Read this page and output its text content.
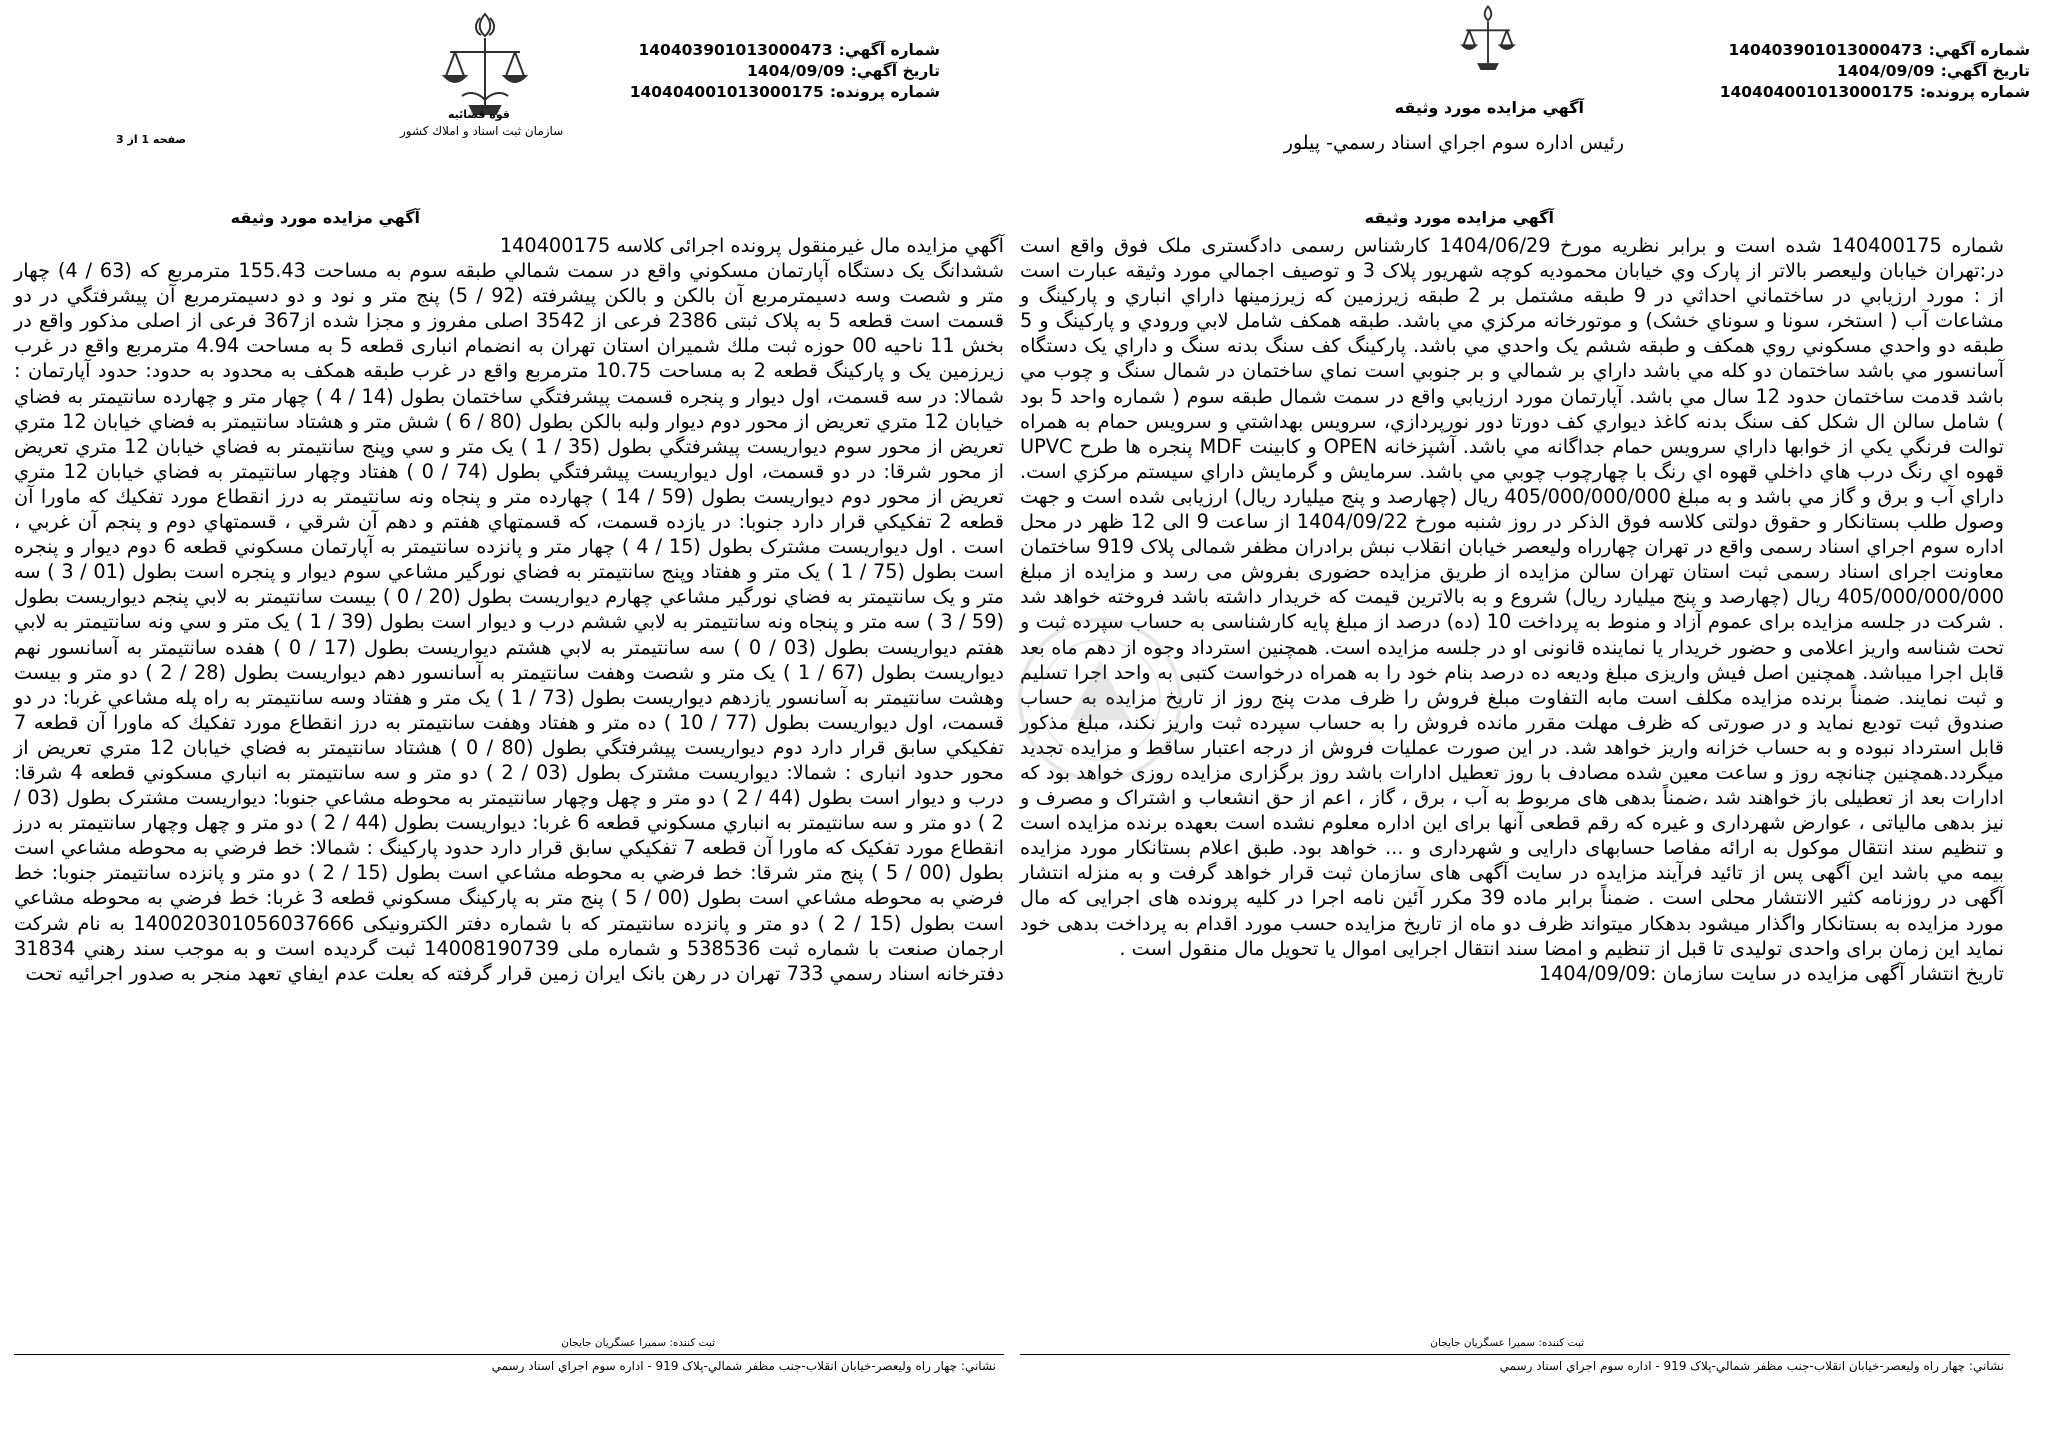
شماره آگهي:140403901013000473
تاريخ آگهي:1404/09/09
شماره پرونده:140404001013000175
قوه قضائيه
سازمان ثبت اسناد و املاك كشور
صفحه 1 از 3
آگهي مزايده مورد وثيقه
آگهي مزايده مال غيرمنقول پرونده اجرائی كلاسه 140400175
ششدانگ يک دستگاه آپارتمان مسكوني واقع در سمت شمالي طبقه سوم به مساحت 155.43 مترمربع كه (63 / 4) چهار متر و شصت وسه دسيمترمربع آن بالكن و بالكن پيشرفته (92 / 5) پنج متر و نود و دو دسيمترمربع آن پيشرفتگي در دو قسمت است قطعه 5 به پلاک ثبتی 2386 فرعی از 3542 اصلی مفروز و مجزا شده از367 فرعی از اصلی مذکور واقع در بخش 11 ناحيه 00 حوزه ثبت ملك شميران استان تهران به انضمام انباری قطعه 5 به مساحت 4.94 مترمربع واقع در غرب زيرزمين يک و پاركينگ قطعه 2 به مساحت 10.75 مترمربع واقع در غرب طبقه همكف به محدود به حدود: حدود آپارتمان : شمالا: در سه قسمت، اول ديوار و پنجره قسمت پيشرفتگي ساختمان بطول (14 / 4 ) چهار متر و چهارده سانتيمتر به فضاي خيابان 12 متري تعريض از محور دوم ديوار ولبه بالكن بطول (80 / 6 ) شش متر و هشتاد سانتيمتر به فضاي خيابان 12 متري تعريض از محور سوم ديواريست پيشرفتگي بطول (35 / 1 ) يک متر و سي وپنج سانتيمتر به فضاي خيابان 12 متري تعريض از محور شرقا: در دو قسمت، اول ديواريست پيشرفتگي بطول (74 / 0 ) هفتاد وچهار سانتيمتر به فضاي خيابان 12 متري تعريض از محور دوم ديواريست بطول (59 / 14 ) چهارده متر و پنجاه ونه سانتيمتر به درز انقطاع مورد تفكيك كه ماورا آن قطعه 2 تفكيكي قرار دارد جنوبا: در يازده قسمت، كه قسمتهاي هفتم و دهم آن شرقي ، قسمتهاي دوم و پنجم آن غربي ، است . اول ديواريست مشترک بطول (15 / 4 ) چهار متر و پانزده سانتيمتر به آپارتمان مسكوني قطعه 6 دوم ديوار و پنجره است بطول (75 / 1 ) يک متر و هفتاد وپنج سانتيمتر به فضاي نورگير مشاعي سوم ديوار و پنجره است بطول (01 / 3 ) سه متر و يک سانتيمتر به فضاي نورگير مشاعي چهارم ديواريست بطول (20 / 0 ) بيست سانتيمتر به لابي پنجم ديواريست بطول (59 / 3 ) سه متر و پنجاه ونه سانتيمتر به لابي ششم درب و ديوار است بطول (39 / 1 ) يک متر و سي ونه سانتيمتر به لابي هفتم ديواريست بطول (03 / 0 ) سه سانتيمتر به لابي هشتم ديواريست بطول (17 / 0 ) هفده سانتيمتر به آسانسور نهم ديواريست بطول (67 / 1 ) يک متر و شصت وهفت سانتيمتر به آسانسور دهم ديواريست بطول (28 / 2 ) دو متر و بيست وهشت سانتيمتر به آسانسور يازدهم ديواريست بطول (73 / 1 ) يک متر و هفتاد وسه سانتيمتر به راه پله مشاعي غربا: در دو قسمت، اول ديواريست بطول (77 / 10 ) ده متر و هفتاد وهفت سانتيمتر به درز انقطاع مورد تفكيك كه ماورا آن قطعه 7 تفكيكي سابق قرار دارد دوم ديواريست پيشرفتگي بطول (80 / 0 ) هشتاد سانتيمتر به فضاي خيابان 12 متري تعريض از محور حدود انباری : شمالا: ديواريست مشترک بطول (03 / 2 ) دو متر و سه سانتيمتر به انباري مسكوني قطعه 4 شرقا: درب و ديوار است بطول (44 / 2 ) دو متر و چهل وچهار سانتيمتر به محوطه مشاعي جنوبا: ديواريست مشترک بطول (03 / 2 ) دو متر و سه سانتيمتر به انباري مسكوني قطعه 6 غربا: ديواريست بطول (44 / 2 ) دو متر و چهل وچهار سانتيمتر به درز انقطاع مورد تفكيک كه ماورا آن قطعه 7 تفكيكي سابق قرار دارد حدود پاركينگ : شمالا: خط فرضي به محوطه مشاعي است بطول (00 / 5 ) پنج متر شرقا: خط فرضي به محوطه مشاعي است بطول (15 / 2 ) دو متر و پانزده سانتيمتر جنوبا: خط فرضي به محوطه مشاعي است بطول (00 / 5 ) پنج متر به پاركينگ مسكوني قطعه 3 غربا: خط فرضي به محوطه مشاعي است بطول (15 / 2 ) دو متر و پانزده سانتيمتر كه با شماره دفتر الكترونيكی 140020301056037666 به نام شركت ارجمان صنعت با شماره ثبت 538536 و شماره ملی 14008190739 ثبت گرديده است و به موجب سند رهني 31834 دفترخانه اسناد رسمي 733 تهران در رهن بانک ايران زمين قرار گرفته كه بعلت عدم ايفاي تعهد منجر به صدور اجرائيه تحت
ثبت كننده: سميرا عسگريان جايجان
نشاني: چهار راه وليعصر-خيابان انقلاب-جنب مظفر شمالي-پلاک 919 - اداره سوم اجراي اسناد رسمي
شماره آگهي:140403901013000473
تاريخ آگهي:1404/09/09
شماره پرونده:140404001013000175
آگهي مزايده مورد وثيقه
رئيس اداره سوم اجراي اسناد رسمي- پيلور
آگهي مزايده مورد وثيقه
شماره 140400175 شده است و برابر نظريه مورخ 1404/06/29 كارشناس رسمی دادگستری ملک فوق واقع است در:تهران خيابان وليعصر بالاتر از پارک وي خيابان محموديه كوچه شهريور پلاک 3 و توصيف اجمالي مورد وثيقه عبارت است از : مورد ارزيابي در ساختماني احداثي در 9 طبقه مشتمل بر 2 طبقه زيرزمين كه زيرزمينها داراي انباري و پاركينگ و مشاعات آب ( استخر، سونا و سوناي خشک) و موتورخانه مركزي مي باشد. طبقه همكف شامل لابي ورودي و پاركينگ و 5 طبقه دو واحدي مسكوني روي همكف و طبقه ششم يک واحدي مي باشد. پاركينگ كف سنگ بدنه سنگ و داراي يک دستگاه آسانسور مي باشد ساختمان دو كله مي باشد داراي بر شمالي و بر جنوبي است نماي ساختمان در شمال سنگ و چوب مي باشد قدمت ساختمان حدود 12 سال مي باشد. آپارتمان مورد ارزيابي واقع در سمت شمال طبقه سوم ( شماره واحد 5 بود ) شامل سالن ال شكل كف سنگ بدنه كاغذ ديواري كف دورتا دور نورپردازي، سرويس بهداشتي و سرويس حمام به همراه توالت فرنگي يكي از خوابها داراي سرويس حمام جداگانه مي باشد. آشپزخانه OPEN و كابينت MDF پنجره ها طرح UPVC قهوه اي رنگ درب هاي داخلي قهوه اي رنگ با چهارچوب چوبي مي باشد. سرمايش و گرمايش داراي سيستم مركزي است. داراي آب و برق و گاز مي باشد و به مبلغ 405/000/000/000 ريال (چهارصد و پنج ميليارد ريال) ارزيابی شده است و جهت وصول طلب بستانكار و حقوق دولتی كلاسه فوق الذكر در روز شنبه مورخ 1404/09/22 از ساعت 9 الی 12 ظهر در محل اداره سوم اجراي اسناد رسمی واقع در تهران چهارراه وليعصر خيابان انقلاب نبش برادران مظفر شمالی پلاک 919 ساختمان معاونت اجرای اسناد رسمی ثبت استان تهران سالن مزايده از طريق مزايده حضوری بفروش می رسد و مزايده از مبلغ 405/000/000/000 ريال (چهارصد و پنج ميليارد ريال) شروع و به بالاترين قيمت كه خريدار داشته باشد فروخته خواهد شد . شركت در جلسه مزايده برای عموم آزاد و منوط به پرداخت 10 (ده) درصد از مبلغ پايه كارشناسی به حساب سپرده ثبت و تحت شناسه واريز اعلامی و حضور خريدار يا نماينده قانونی او در جلسه مزايده است. همچنين استرداد وجوه از دهم ماه بعد قابل اجرا ميباشد. همچنين اصل فيش واريزی مبلغ وديعه ده درصد بنام خود را به همراه درخواست كتبی به واحد اجرا تسليم و ثبت نمايند. ضمناً برنده مزايده مكلف است مابه التفاوت مبلغ فروش را ظرف مدت پنج روز از تاريخ مزايده به حساب صندوق ثبت توديع نمايد و در صورتی كه ظرف مهلت مقرر مانده فروش را به حساب سپرده ثبت واريز نكند، مبلغ مذكور قابل استرداد نبوده و به حساب خزانه واريز خواهد شد. در اين صورت عمليات فروش از درجه اعتبار ساقط و مزايده تجديد ميگردد.همچنين چنانچه روز و ساعت معين شده مصادف با روز تعطيل ادارات باشد روز برگزاری مزايده روزی خواهد بود كه ادارات بعد از تعطيلی باز خواهند شد ،ضمناً بدهی های مربوط به آب ، برق ، گاز ، اعم از حق انشعاب و اشتراک و مصرف و نيز بدهی مالياتی ، عوارض شهرداری و غيره كه رقم قطعی آنها برای اين اداره معلوم نشده است بعهده برنده مزايده است و تنظيم سند انتقال موكول به ارائه مفاصا حسابهای دارايی و شهرداری و ... خواهد بود. طبق اعلام بستانكار مورد مزايده بيمه مي باشد اين آگهی پس از تائيد فرآيند مزايده در سايت آگهی های سازمان ثبت قرار خواهد گرفت و به منزله انتشار آگهی در روزنامه كثير الانتشار محلی است . ضمناً برابر ماده 39 مكرر آئين نامه اجرا در كليه پرونده های اجرايی كه مال مورد مزايده به بستانكار واگذار ميشود بدهكار ميتواند ظرف دو ماه از تاريخ مزايده حسب مورد اقدام به پرداخت بدهی خود نمايد اين زمان برای واحدی توليدی تا قبل از تنظيم و امضا سند انتقال اجرايی اموال يا تحويل مال منقول است .
تاريخ انتشار آگهی مزايده در سايت سازمان :1404/09/09
ثبت كننده: سميرا عسگريان جايجان
نشاني: چهار راه وليعصر-خيابان انقلاب-جنب مظفر شمالي-پلاک 919 - اداره سوم اجراي اسناد رسمي
